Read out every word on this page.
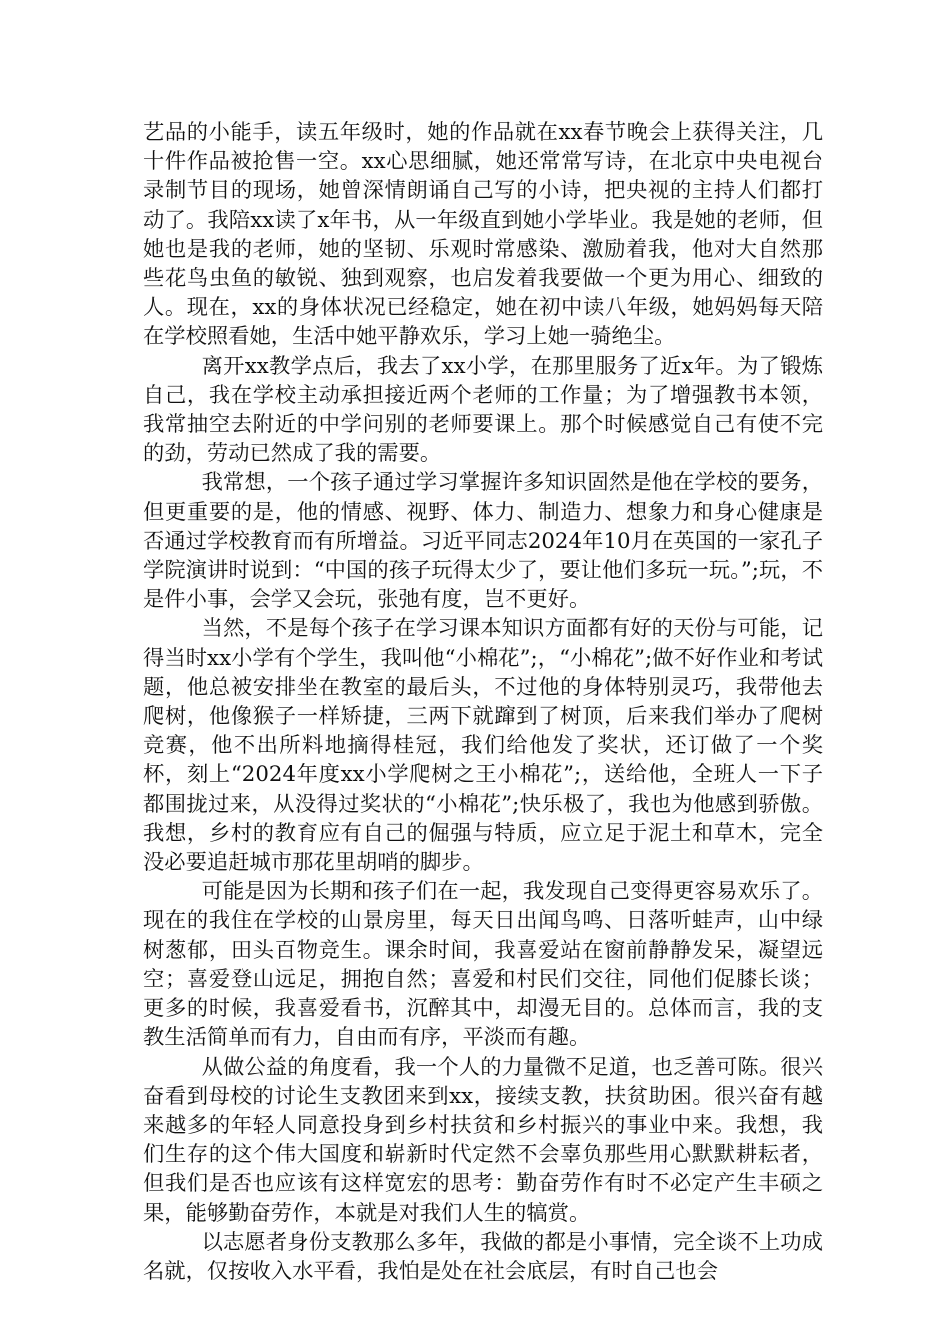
艺品的小能手，读五年级时，她的作品就在xx春节晚会上获得关注，几十件作品被抢售一空。xx心思细腻，她还常常写诗，在北京中央电视台录制节目的现场，她曾深情朗诵自己写的小诗，把央视的主持人们都打动了。我陪xx读了x年书，从一年级直到她小学毕业。我是她的老师，但她也是我的老师，她的坚韧、乐观时常感染、激励着我，他对大自然那些花鸟虫鱼的敏锐、独到观察，也启发着我要做一个更为用心、细致的人。现在，xx的身体状况已经稳定，她在初中读八年级，她妈妈每天陪在学校照看她，生活中她平静欢乐，学习上她一骑绝尘。

离开xx教学点后，我去了xx小学，在那里服务了近x年。为了锻炼自己，我在学校主动承担接近两个老师的工作量；为了增强教书本领，我常抽空去附近的中学问别的老师要课上。那个时候感觉自己有使不完的劲，劳动已然成了我的需要。

我常想，一个孩子通过学习掌握许多知识固然是他在学校的要务，但更重要的是，他的情感、视野、体力、制造力、想象力和身心健康是否通过学校教育而有所增益。习近平同志2024年10月在英国的一家孔子学院演讲时说到：“中国的孩子玩得太少了，要让他们多玩一玩。”;玩，不是件小事，会学又会玩，张弛有度，岂不更好。

当然，不是每个孩子在学习课本知识方面都有好的天份与可能，记得当时xx小学有个学生，我叫他“小棉花”;，“小棉花”;做不好作业和考试题，他总被安排坐在教室的最后头，不过他的身体特别灵巧，我带他去爬树，他像猴子一样矫捷，三两下就蹿到了树顶，后来我们举办了爬树竞赛，他不出所料地摘得桂冠，我们给他发了奖状，还订做了一个奖杯，刻上“2024年度xx小学爬树之王小棉花”;，送给他，全班人一下子都围拢过来，从没得过奖状的“小棉花”;快乐极了，我也为他感到骄傲。我想，乡村的教育应有自己的倔强与特质，应立足于泥土和草木，完全没必要追赶城市那花里胡哨的脚步。

可能是因为长期和孩子们在一起，我发现自己变得更容易欢乐了。现在的我住在学校的山景房里，每天日出闻鸟鸣、日落听蛙声，山中绿树葱郁，田头百物竞生。课余时间，我喜爱站在窗前静静发呆，凝望远空；喜爱登山远足，拥抱自然；喜爱和村民们交往，同他们促膝长谈；更多的时候，我喜爱看书，沉醉其中，却漫无目的。总体而言，我的支教生活简单而有力，自由而有序，平淡而有趣。

从做公益的角度看，我一个人的力量微不足道，也乏善可陈。很兴奋看到母校的讨论生支教团来到xx，接续支教，扶贫助困。很兴奋有越来越多的年轻人同意投身到乡村扶贫和乡村振兴的事业中来。我想，我们生存的这个伟大国度和崭新时代定然不会辜负那些用心默默耕耘者，但我们是否也应该有这样宽宏的思考：勤奋劳作有时不必定产生丰硕之果，能够勤奋劳作，本就是对我们人生的犒赏。

以志愿者身份支教那么多年，我做的都是小事情，完全谈不上功成名就，仅按收入水平看，我怕是处在社会底层，有时自己也会
